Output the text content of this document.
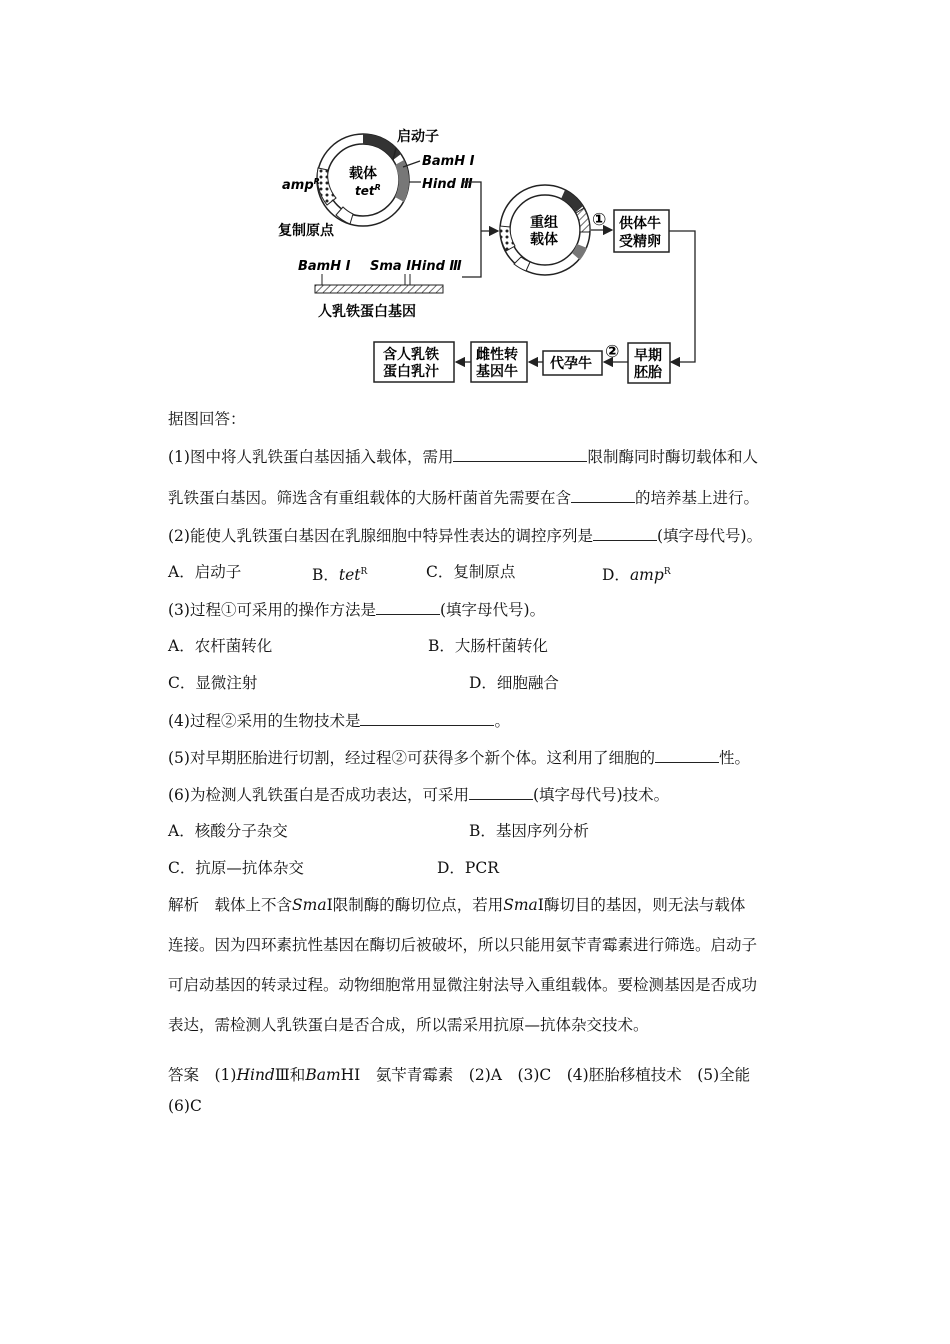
载体
tet$^R$
启动子
BamH Ⅰ
Hind Ⅲ
amp$^R$
复制原点
BamH Ⅰ Sma Ⅰ Hind Ⅲ
人乳铁蛋白基因
重组
载体
① 供体牛
受精卵
早期
胚胎
②
代孕牛
雌性转
基因牛
含人乳铁
蛋白乳汁
据图回答：
(1)图中将人乳铁蛋白基因插入载体，需用	限制酶同时酶切载体和人
乳铁蛋白基因。筛选含有重组载体的大肠杆菌首先需要在含	的培养基上进行。
(2)能使人乳铁蛋白基因在乳腺细胞中特异性表达的调控序列是	(填字母代号)。
A．启动子	B．tet$^R$	C．复制原点	D．amp$^R$
(3)过程①可采用的操作方法是	(填字母代号)。
A．农杆菌转化	B．大肠杆菌转化
C．显微注射	D．细胞融合
(4)过程②采用的生物技术是	。
(5)对早期胚胎进行切割，经过程②可获得多个新个体。这利用了细胞的	性。
(6)为检测人乳铁蛋白是否成功表达，可采用	(填字母代号)技术。
A．核酸分子杂交	B．基因序列分析
C．抗原—抗体杂交	D．PCR
解析　载体上不含SmaⅠ限制酶的酶切位点，若用SmaⅠ酶切目的基因，则无法与载体
连接。因为四环素抗性基因在酶切后被破坏，所以只能用氨苄青霉素进行筛选。启动子
可启动基因的转录过程。动物细胞常用显微注射法导入重组载体。要检测基因是否成功
表达，需检测人乳铁蛋白是否合成，所以需采用抗原—抗体杂交技术。
答案　(1)HindⅢ和BamHⅠ　氨苄青霉素　(2)A　(3)C　(4)胚胎移植技术　(5)全能
(6)C
